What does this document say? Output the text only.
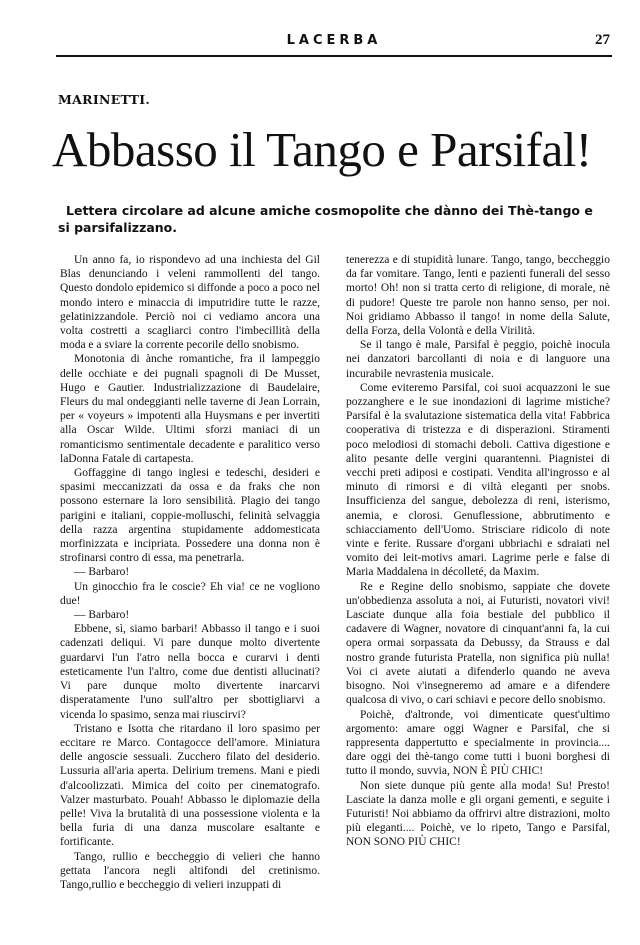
LACERBA	27
MARINETTI.
Abbasso il Tango e Parsifal!
Lettera circolare ad alcune amiche cosmopolite che dànno dei Thè-tango e si parsifalizzano.

Un anno fa, io rispondevo ad una inchiesta del Gil Blas denunciando i veleni rammollenti del tango. Questo dondolo epidemico si diffonde a poco a poco nel mondo intero e minaccia di imputridire tutte le razze, gelatinizzandole. Perciò noi ci vediamo ancora una volta costretti a scagliarci contro l'imbecillità della moda e a sviare la corrente pecorile dello snobismo.

Monotonia di ànche romantiche, fra il lampeggio delle occhiate e dei pugnali spagnoli di De Musset, Hugo e Gautier. Industrializzazione di Baudelaire, Fleurs du mal ondeggianti nelle taverne di Jean Lorrain, per « voyeurs » impotenti alla Huysmans e per invertiti alla Oscar Wilde. Ultimi sforzi maniaci di un romanticismo sentimentale decadente e paralitico verso laDonna Fatale di cartapesta.

Goffaggine di tango inglesi e tedeschi, desideri e spasimi meccanizzati da ossa e da fraks che non possono esternare la loro sensibilità. Plagio dei tango parigini e italiani, coppie-molluschi, felinità selvaggia della razza argentina stupidamente addomesticata morfinizzata e incipriata. Possedere una donna non è strofinarsi contro di essa, ma penetrarla.

— Barbaro!

Un ginocchio fra le coscie? Eh via! ce ne vogliono due!

— Barbaro!

Ebbene, sì, siamo barbari! Abbasso il tango e i suoi cadenzati deliqui. Vi pare dunque molto divertente guardarvi l'un l'atro nella bocca e curarvi i denti esteticamente l'un l'altro, come due dentisti allucinati? Vi pare dunque molto divertente inarcarvi disperatamente l'uno sull'altro per sbottigliarvi a vicenda lo spasimo, senza mai riuscirvi?

Tristano e Isotta che ritardano il loro spasimo per eccitare re Marco. Contagocce dell'amore. Miniatura delle angoscie sessuali. Zucchero filato del desiderio. Lussuria all'aria aperta. Delirium tremens. Mani e piedi d'alcoolizzati. Mimica del coito per cinematografo. Valzer masturbato. Pouah! Abbasso le diplomazie della pelle! Viva la brutalità di una possessione violenta e la bella furia di una danza muscolare esaltante e fortificante.

Tango, rullio e beccheggio di velieri che hanno gettata l'ancora negli altifondi del cretinismo. Tango,rullio e beccheggio di velieri inzuppati di

tenerezza e di stupidità lunare. Tango, tango, beccheggio da far vomitare. Tango, lenti e pazienti funerali del sesso morto! Oh! non si tratta certo di religione, di morale, nè di pudore! Queste tre parole non hanno senso, per noi. Noi gridiamo Abbasso il tango! in nome della Salute, della Forza, della Volontà e della Virilità.

Se il tango è male, Parsifal è peggio, poichè inocula nei danzatori barcollanti di noia e di languore una incurabile nevrastenia musicale.

Come eviteremo Parsifal, coi suoi acquazzoni le sue pozzanghere e le sue inondazioni di lagrime mistiche? Parsifal è la svalutazione sistematica della vita! Fabbrica cooperativa di tristezza e di disperazioni. Stiramenti poco melodiosi di stomachi deboli. Cattiva digestione e alito pesante delle vergini quarantenni. Piagnistei di vecchi preti adiposi e costipati. Vendita all'ingrosso e al minuto di rimorsi e di viltà eleganti per snobs. Insufficienza del sangue, debolezza di reni, isterismo, anemia, e clorosi. Genuflessione, abbrutimento e schiacciamento dell'Uomo. Strisciare ridicolo di note vinte e ferite. Russare d'organi ubbriachi e sdraiati nel vomito dei leit-motivs amari. Lagrime perle e false di Maria Maddalena in décolleté, da Maxim.

Re e Regine dello snobismo, sappiate che dovete un'obbedienza assoluta a noi, ai Futuristi, novatori vivi! Lasciate dunque alla foia bestiale del pubblico il cadavere di Wagner, novatore di cinquant'anni fa, la cui opera ormai sorpassata da Debussy, da Strauss e dal nostro grande futurista Pratella, non significa più nulla! Voi ci avete aiutati a difenderlo quando ne aveva bisogno. Noi v'insegneremo ad amare e a difendere qualcosa di vivo, o cari schiavi e pecore dello snobismo.

Poichè, d'altronde, voi dimenticate quest'ultimo argomento: amare oggi Wagner e Parsifal, che si rappresenta dappertutto e specialmente in provincia.... dare oggi dei thè-tango come tutti i buoni borghesi di tutto il mondo, suvvia, NON È PIÙ CHIC!

Non siete dunque più gente alla moda! Su! Presto! Lasciate la danza molle e gli organi gementi, e seguite i Futuristi! Noi abbiamo da offrirvi altre distrazioni, molto più eleganti.... Poichè, ve lo ripeto, Tango e Parsifal, NON SONO PIÙ CHIC!
